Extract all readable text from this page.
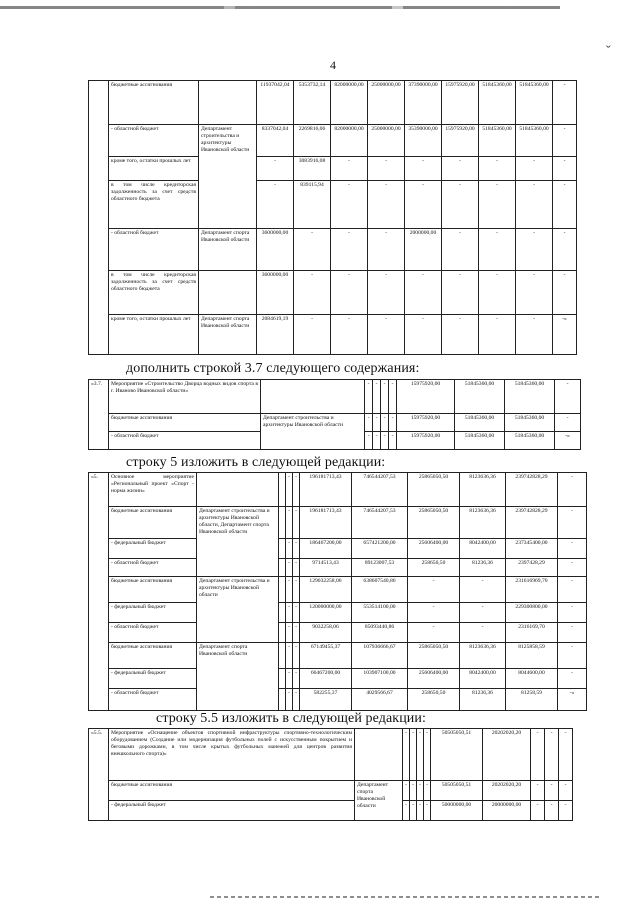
4
ˇ
	бюджетные ассигнования		11937042,04	5353732,14	82000000,00	25000000,00	37390000,00	15975920,00	51845360,00	51845360,00	-
	- областной бюджет	Департамент строительства и архитектуры Ивановской области	8337042,04	2269816,06	82000000,00	25000000,00	35390000,00	15975920,00	51845360,00	51845360,00	-
	кроме того, остатки прошлых лет		-	3083916,08	-	-	-	-	-	-	-
	в том числе кредиторская задолженность за счет средств областного бюджета		-	839115,94	-	-	-	-	-	-	-
	- областной бюджет	Департамент спорта Ивановской области	3600000,00	-	-	-	2000000,00	-	-	-	-
	в том числе кредиторская задолженность за счет средств областного бюджета		3600000,00	-	-	-	-	-	-	-	-
	кроме того, остатки прошлых лет	Департамент спорта Ивановской области	2084619,19	-	-	-	-	-	-	-	-»
дополнить строкой 3.7 следующего содержания:
«3.7.	Мероприятие «Строительство Дворца водных видов спорта в г. Иваново Ивановской области»		-	-	-	-	15975920,00	51845360,00	51845360,00	-
	бюджетные ассигнования	Департамент строительства и архитектуры Ивановской области	-	-	-	-	15975920,00	51845360,00	51845360,00	-
	- областной бюджет		-	-	-	-	15975920,00	51845360,00	51845360,00	-»
строку 5 изложить в следующей редакции:
«5.	Основное мероприятие «Региональный проект «Спорт - норма жизни»			-	-	196181713,43	746544207,53	25865050,50	8123636,36	239742828,29	-
	бюджетные ассигнования	Департамент строительства и архитектуры Ивановской области, Департамент спорта Ивановской области		-	-	196181713,43	746544207,53	25865050,50	8123636,36	239742828,29	-
	- федеральный бюджет			-	-	186467200,00	657421200,00	25606400,00	8042400,00	237345400,00	-
	- областной бюджет			-	-	9714513,43	89123007,53	258650,50	81236,36	2397428,29	-
	бюджетные ассигнования	Департамент строительства и архитектуры Ивановской области		-	-	129032258,06	638607540,86	-	-	231616969,70	-
	- федеральный бюджет			-	-	120000000,00	553514100,00	-	-	229300800,00	-
	- областной бюджет			-	-	9032258,06	85093440,86	-	-	2316169,70	-
	бюджетные ассигнования	Департамент спорта Ивановской области		-	-	67149455,37	107936666,67	25865050,50	8123636,36	8125858,59	-
	- федеральный бюджет			-	-	66467200,00	103907100,00	25606400,00	8042400,00	8044600,00	-
	- областной бюджет			-	-	582255,37	4029566,67	258650,50	81236,36	81258,59	-»
строку 5.5 изложить в следующей редакции:
«5.5.	Мероприятие «Оснащение объектов спортивной инфраструктуры спортивно-технологическим оборудованием (Создание или модернизация футбольных полей с искусственным покрытием и беговыми дорожками, в том числе крытых футбольных манежей для центров развития внешкольного спорта)»		-	-	-	-	50505050,51	20202020,20	-	-	-
	бюджетные ассигнования	Департамент спорта Ивановской области	-	-	-	-	50505050,51	20202020,20	-	-	-
	- федеральный бюджет		-	-	-	-	50000000,00	20000000,00	-	-	-
